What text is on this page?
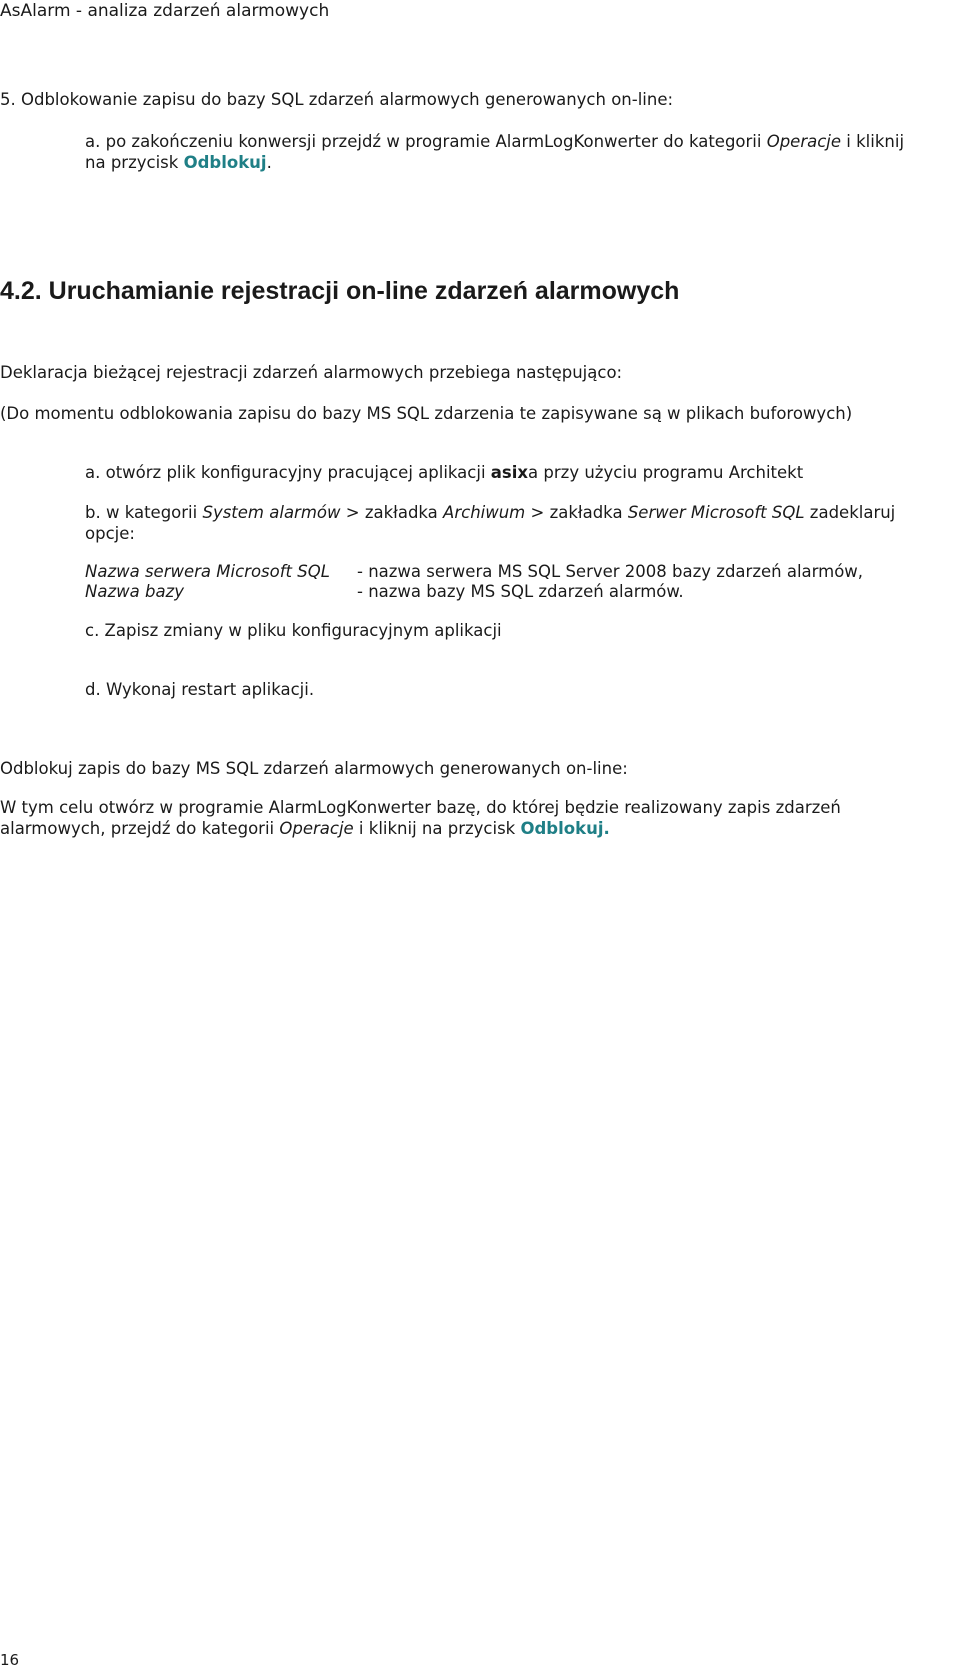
AsAlarm - analiza zdarzeń alarmowych
5. Odblokowanie zapisu do bazy SQL zdarzeń alarmowych generowanych on-line:
a. po zakończeniu konwersji przejdź w programie AlarmLogKonwerter do kategorii Operacje i kliknij
na przycisk Odblokuj.
4.2. Uruchamianie rejestracji on-line zdarzeń alarmowych
Deklaracja bieżącej rejestracji zdarzeń alarmowych przebiega następująco:
(Do momentu odblokowania zapisu do bazy MS SQL zdarzenia te zapisywane są w plikach buforowych)
a. otwórz plik konfiguracyjny pracującej aplikacji asixa przy użyciu programu Architekt
b. w kategorii System alarmów > zakładka Archiwum > zakładka Serwer Microsoft SQL zadeklaruj
opcje:
Nazwa serwera Microsoft SQL - nazwa serwera MS SQL Server 2008 bazy zdarzeń alarmów,
Nazwa bazy	- nazwa bazy MS SQL zdarzeń alarmów.
c. Zapisz zmiany w pliku konfiguracyjnym aplikacji
d. Wykonaj restart aplikacji.
Odblokuj zapis do bazy MS SQL zdarzeń alarmowych generowanych on-line:
W tym celu otwórz w programie AlarmLogKonwerter bazę, do której będzie realizowany zapis zdarzeń
alarmowych, przejdź do kategorii Operacje i kliknij na przycisk Odblokuj.
16
